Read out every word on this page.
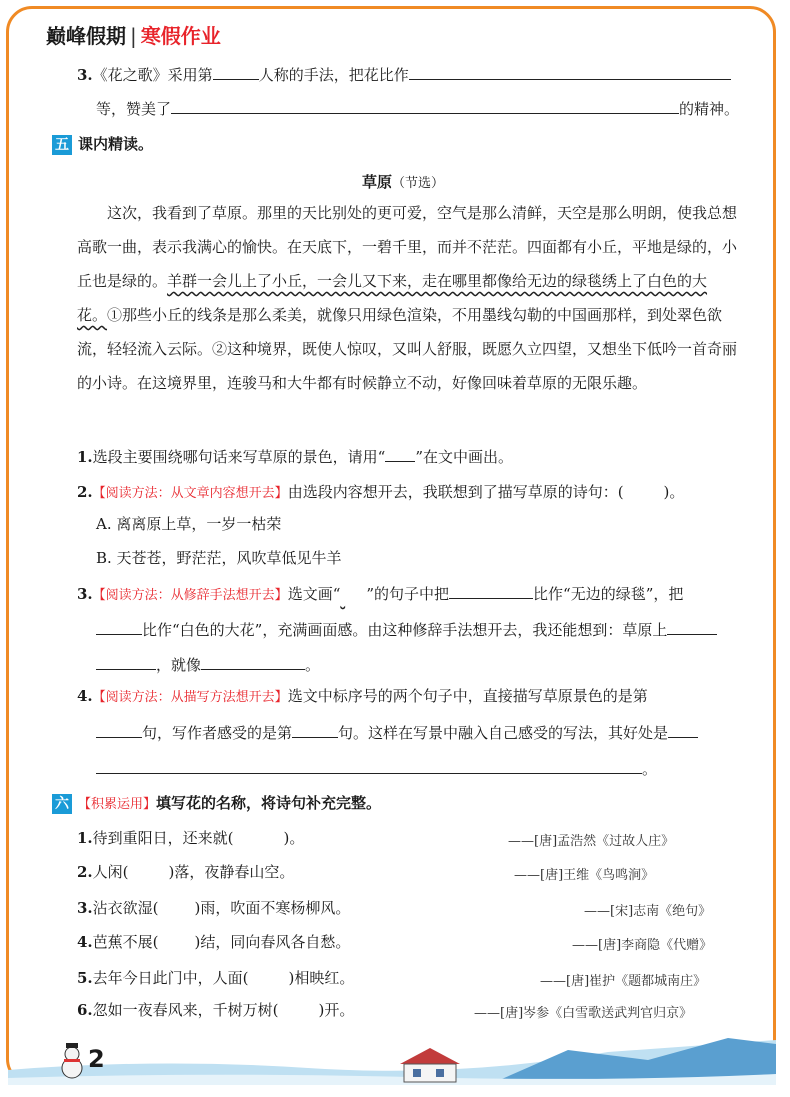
巅峰假期 | 寒假作业
3.《花之歌》采用第	人称的手法，把花比作
等，赞美了	的精神。
五 课内精读。
草原（节选）
这次，我看到了草原。那里的天比别处的更可爱，空气是那么清鲜，天空是那么明朗，使我总想高歌一曲，表示我满心的愉快。在天底下，一碧千里，而并不茫茫。四面都有小丘，平地是绿的，小丘也是绿的。羊群一会儿上了小丘，一会儿又下来，走在哪里都像给无边的绿毯绣上了白色的大花。①那些小丘的线条是那么柔美，就像只用绿色渲染，不用墨线勾勒的中国画那样，到处翠色欲流，轻轻流入云际。②这种境界，既使人惊叹，又叫人舒服，既愿久立四望，又想坐下低吟一首奇丽的小诗。在这境界里，连骏马和大牛都有时候静立不动，好像回味着草原的无限乐趣。
1.选段主要围绕哪句话来写草原的景色，请用“ ”在文中画出。
2.【阅读方法：从文章内容想开去】由选段内容想开去，我联想到了描写草原的诗句：(	)。
A. 离离原上草，一岁一枯荣
B. 天苍苍，野茫茫，风吹草低见牛羊
3.【阅读方法：从修辞手法想开去】选文画“ ”的句子中把	比作“无边的绿毯”，把
比作“白色的大花”，充满画面感。由这种修辞手法想开去，我还能想到：草原上
，就像	。
4.【阅读方法：从描写方法想开去】选文中标序号的两个句子中，直接描写草原景色的是第
句，写作者感受的是第	句。这样在写景中融入自己感受的写法，其好处是
。
六 【积累运用】填写花的名称，将诗句补充完整。
1.待到重阳日，还来就(	)。	——[唐]孟浩然《过故人庄》
2.人闲(	)落，夜静春山空。	——[唐]王维《鸟鸣涧》
3.沾衣欲湿( )雨，吹面不寒杨柳风。	——[宋]志南《绝句》
4.芭蕉不展( )结，同向春风各自愁。	——[唐]李商隐《代赠》
5.去年今日此门中，人面(	)相映红。	——[唐]崔护《题都城南庄》
6.忽如一夜春风来，千树万树(	)开。	——[唐]岑参《白雪歌送武判官归京》
2
